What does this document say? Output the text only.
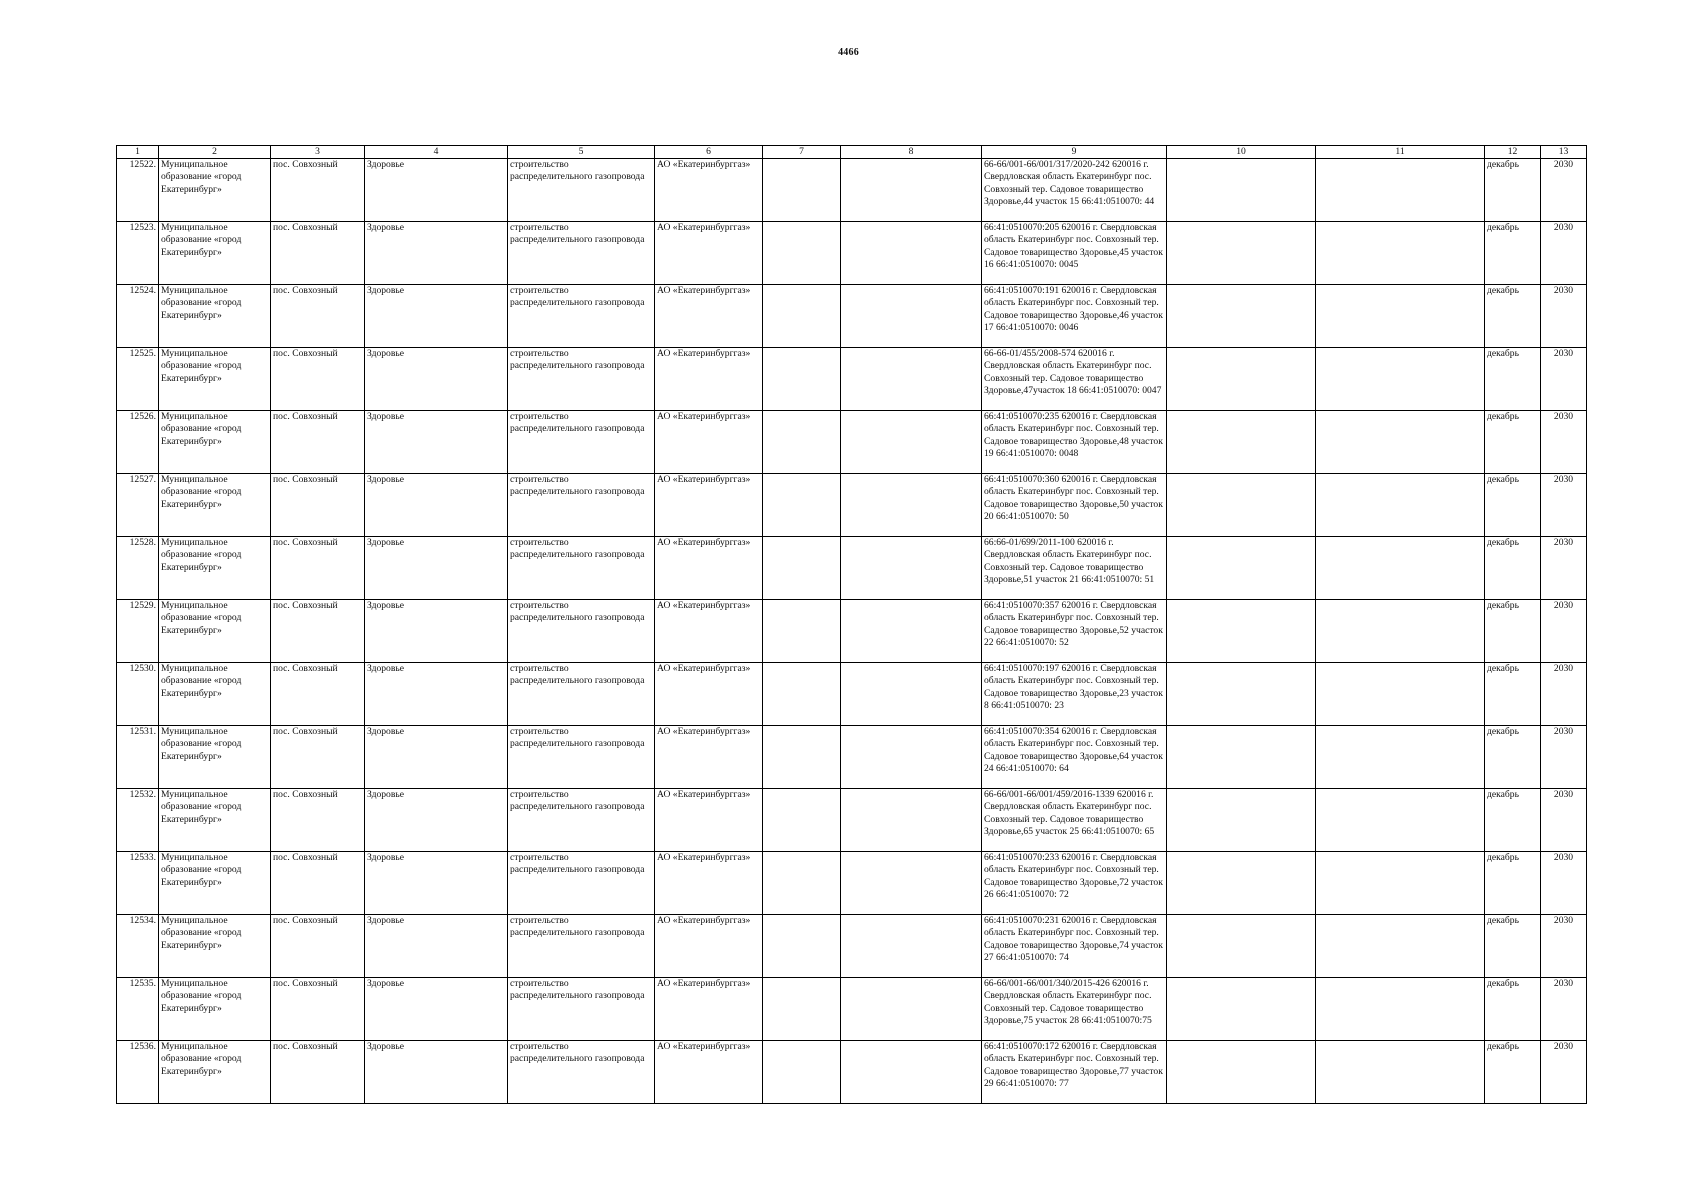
4466
1	2	3	4	5	6	7	8	9	10	11	12	13
12522.	Муниципальное образование «город Екатеринбург»	пос. Совхозный	Здоровье	строительство распределительного газопровода	АО «Екатеринбурггаз»			66-66/001-66/001/317/2020-242 620016 г. Свердловская область Екатеринбург пос. Совхозный тер. Садовое товарищество Здоровье,44 участок 15 66:41:0510070: 44			декабрь	2030
12523.	Муниципальное образование «город Екатеринбург»	пос. Совхозный	Здоровье	строительство распределительного газопровода	АО «Екатеринбурггаз»			66:41:0510070:205 620016 г. Свердловская область Екатеринбург пос. Совхозный тер. Садовое товарищество Здоровье,45 участок 16 66:41:0510070: 0045			декабрь	2030
12524.	Муниципальное образование «город Екатеринбург»	пос. Совхозный	Здоровье	строительство распределительного газопровода	АО «Екатеринбурггаз»			66:41:0510070:191 620016 г. Свердловская область Екатеринбург пос. Совхозный тер. Садовое товарищество Здоровье,46 участок 17 66:41:0510070: 0046			декабрь	2030
12525.	Муниципальное образование «город Екатеринбург»	пос. Совхозный	Здоровье	строительство распределительного газопровода	АО «Екатеринбурггаз»			66-66-01/455/2008-574 620016 г. Свердловская область Екатеринбург пос. Совхозный тер. Садовое товарищество Здоровье,47участок 18 66:41:0510070: 0047			декабрь	2030
12526.	Муниципальное образование «город Екатеринбург»	пос. Совхозный	Здоровье	строительство распределительного газопровода	АО «Екатеринбурггаз»			66:41:0510070:235 620016 г. Свердловская область Екатеринбург пос. Совхозный тер. Садовое товарищество Здоровье,48 участок 19 66:41:0510070: 0048			декабрь	2030
12527.	Муниципальное образование «город Екатеринбург»	пос. Совхозный	Здоровье	строительство распределительного газопровода	АО «Екатеринбурггаз»			66:41:0510070:360 620016 г. Свердловская область Екатеринбург пос. Совхозный тер. Садовое товарищество Здоровье,50 участок 20 66:41:0510070: 50			декабрь	2030
12528.	Муниципальное образование «город Екатеринбург»	пос. Совхозный	Здоровье	строительство распределительного газопровода	АО «Екатеринбурггаз»			66:66-01/699/2011-100 620016 г. Свердловская область Екатеринбург пос. Совхозный тер. Садовое товарищество Здоровье,51 участок 21 66:41:0510070: 51			декабрь	2030
12529.	Муниципальное образование «город Екатеринбург»	пос. Совхозный	Здоровье	строительство распределительного газопровода	АО «Екатеринбурггаз»			66:41:0510070:357 620016 г. Свердловская область Екатеринбург пос. Совхозный тер. Садовое товарищество Здоровье,52 участок 22 66:41:0510070: 52			декабрь	2030
12530.	Муниципальное образование «город Екатеринбург»	пос. Совхозный	Здоровье	строительство распределительного газопровода	АО «Екатеринбурггаз»			66:41:0510070:197 620016 г. Свердловская область Екатеринбург пос. Совхозный тер. Садовое товарищество Здоровье,23 участок 8 66:41:0510070: 23			декабрь	2030
12531.	Муниципальное образование «город Екатеринбург»	пос. Совхозный	Здоровье	строительство распределительного газопровода	АО «Екатеринбурггаз»			66:41:0510070:354 620016 г. Свердловская область Екатеринбург пос. Совхозный тер. Садовое товарищество Здоровье,64 участок 24 66:41:0510070: 64			декабрь	2030
12532.	Муниципальное образование «город Екатеринбург»	пос. Совхозный	Здоровье	строительство распределительного газопровода	АО «Екатеринбурггаз»			66-66/001-66/001/459/2016-1339 620016 г. Свердловская область Екатеринбург пос. Совхозный тер. Садовое товарищество Здоровье,65 участок 25 66:41:0510070: 65			декабрь	2030
12533.	Муниципальное образование «город Екатеринбург»	пос. Совхозный	Здоровье	строительство распределительного газопровода	АО «Екатеринбурггаз»			66:41:0510070:233 620016 г. Свердловская область Екатеринбург пос. Совхозный тер. Садовое товарищество Здоровье,72 участок 26 66:41:0510070: 72			декабрь	2030
12534.	Муниципальное образование «город Екатеринбург»	пос. Совхозный	Здоровье	строительство распределительного газопровода	АО «Екатеринбурггаз»			66:41:0510070:231 620016 г. Свердловская область Екатеринбург пос. Совхозный тер. Садовое товарищество Здоровье,74 участок 27 66:41:0510070: 74			декабрь	2030
12535.	Муниципальное образование «город Екатеринбург»	пос. Совхозный	Здоровье	строительство распределительного газопровода	АО «Екатеринбурггаз»			66-66/001-66/001/340/2015-426 620016 г. Свердловская область Екатеринбург пос. Совхозный тер. Садовое товарищество Здоровье,75 участок 28 66:41:0510070:75			декабрь	2030
12536.	Муниципальное образование «город Екатеринбург»	пос. Совхозный	Здоровье	строительство распределительного газопровода	АО «Екатеринбурггаз»			66:41:0510070:172 620016 г. Свердловская область Екатеринбург пос. Совхозный тер. Садовое товарищество Здоровье,77 участок 29 66:41:0510070: 77			декабрь	2030
